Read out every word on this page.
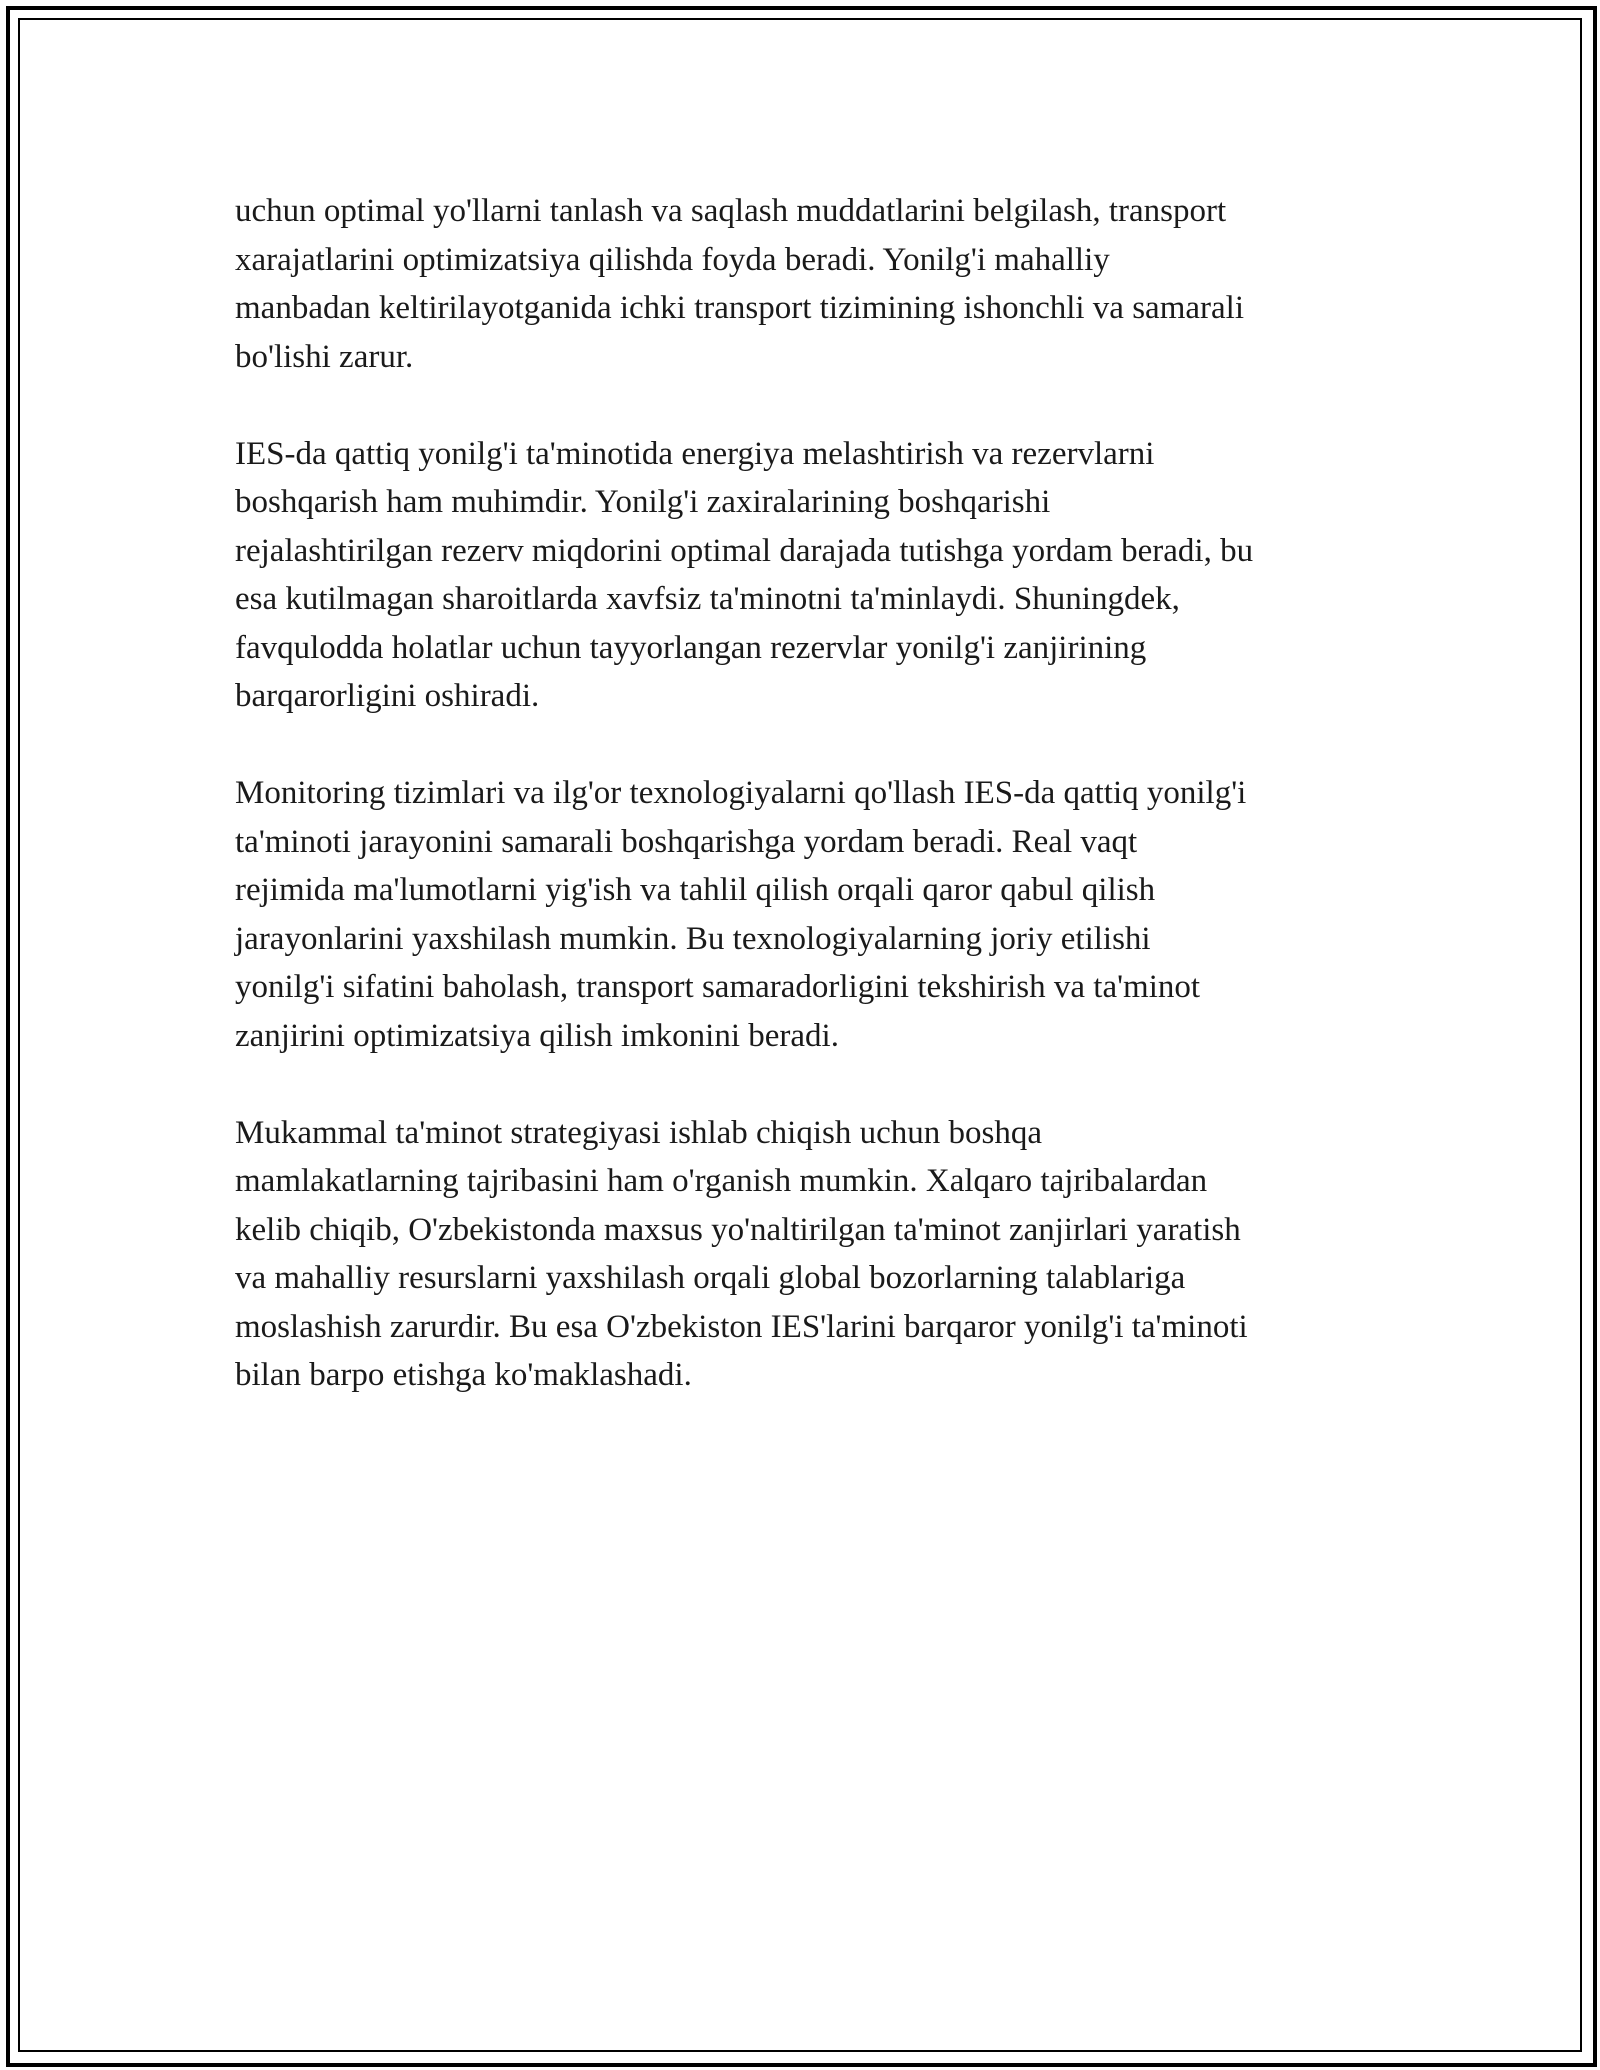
uchun optimal yo'llarni tanlash va saqlash muddatlarini belgilash, transport
xarajatlarini optimizatsiya qilishda foyda beradi. Yonilg'i mahalliy
manbadan keltirilayotganida ichki transport tizimining ishonchli va samarali
bo'lishi zarur.

IES-da qattiq yonilg'i ta'minotida energiya melashtirish va rezervlarni
boshqarish ham muhimdir. Yonilg'i zaxiralarining boshqarishi
rejalashtirilgan rezerv miqdorini optimal darajada tutishga yordam beradi, bu
esa kutilmagan sharoitlarda xavfsiz ta'minotni ta'minlaydi. Shuningdek,
favqulodda holatlar uchun tayyorlangan rezervlar yonilg'i zanjirining
barqarorligini oshiradi.

Monitoring tizimlari va ilg'or texnologiyalarni qo'llash IES-da qattiq yonilg'i
ta'minoti jarayonini samarali boshqarishga yordam beradi. Real vaqt
rejimida ma'lumotlarni yig'ish va tahlil qilish orqali qaror qabul qilish
jarayonlarini yaxshilash mumkin. Bu texnologiyalarning joriy etilishi
yonilg'i sifatini baholash, transport samaradorligini tekshirish va ta'minot
zanjirini optimizatsiya qilish imkonini beradi.

Mukammal ta'minot strategiyasi ishlab chiqish uchun boshqa
mamlakatlarning tajribasini ham o'rganish mumkin. Xalqaro tajribalardan
kelib chiqib, O'zbekistonda maxsus yo'naltirilgan ta'minot zanjirlari yaratish
va mahalliy resurslarni yaxshilash orqali global bozorlarning talablariga
moslashish zarurdir. Bu esa O'zbekiston IES'larini barqaror yonilg'i ta'minoti
bilan barpo etishga ko'maklashadi.
